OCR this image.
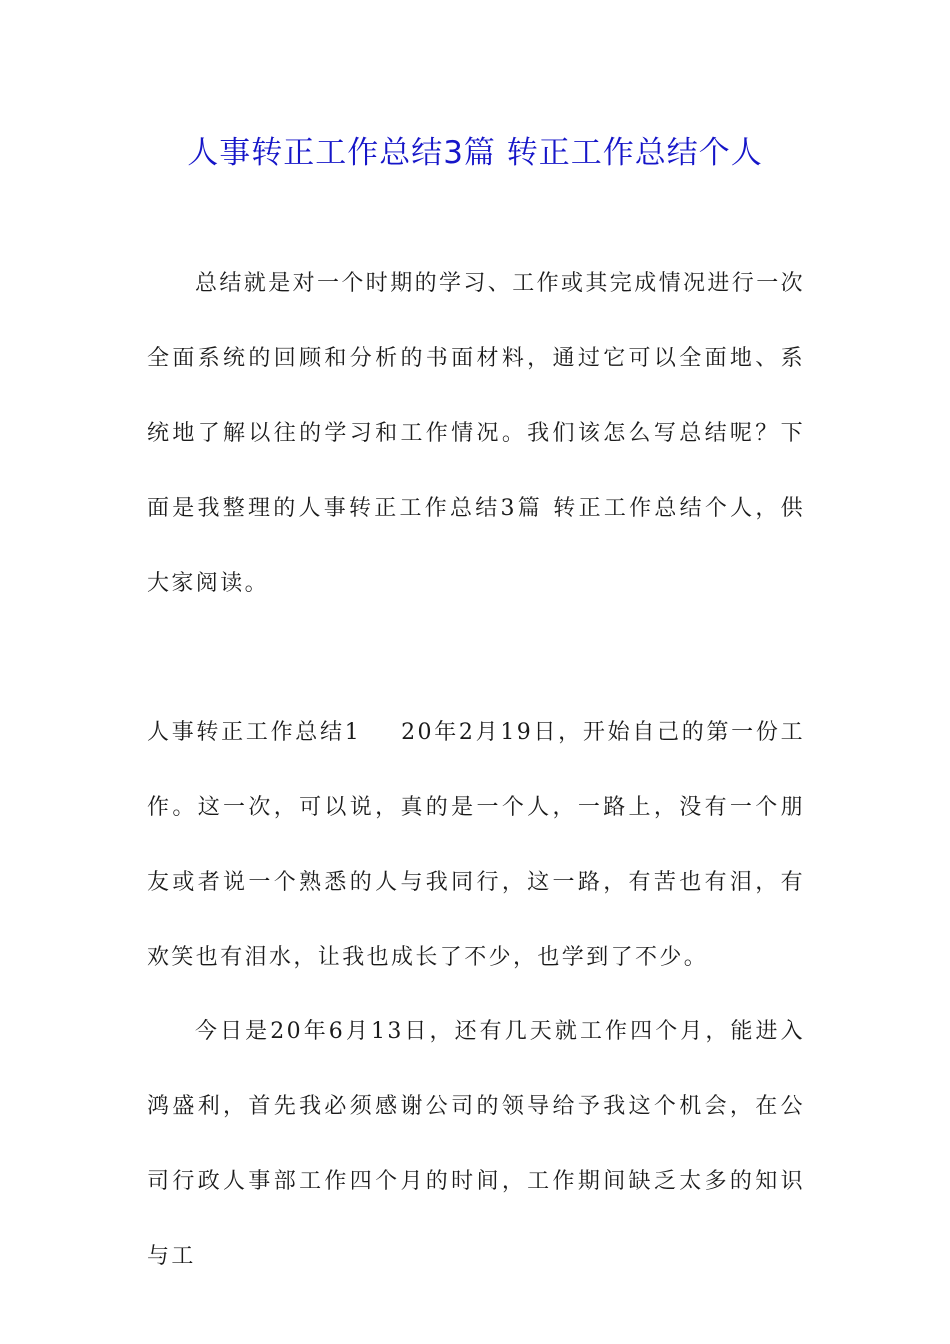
人事转正工作总结3篇 转正工作总结个人

总结就是对一个时期的学习、工作或其完成情况进行一次全面系统的回顾和分析的书面材料，通过它可以全面地、系统地了解以往的学习和工作情况。我们该怎么写总结呢？下面是我整理的人事转正工作总结3篇 转正工作总结个人，供大家阅读。

人事转正工作总结1 20年2月19日，开始自己的第一份工作。这一次，可以说，真的是一个人，一路上，没有一个朋友或者说一个熟悉的人与我同行，这一路，有苦也有泪，有欢笑也有泪水，让我也成长了不少，也学到了不少。

今日是20年6月13日，还有几天就工作四个月，能进入鸿盛利，首先我必须感谢公司的领导给予我这个机会，在公司行政人事部工作四个月的时间，工作期间缺乏太多的知识与工
